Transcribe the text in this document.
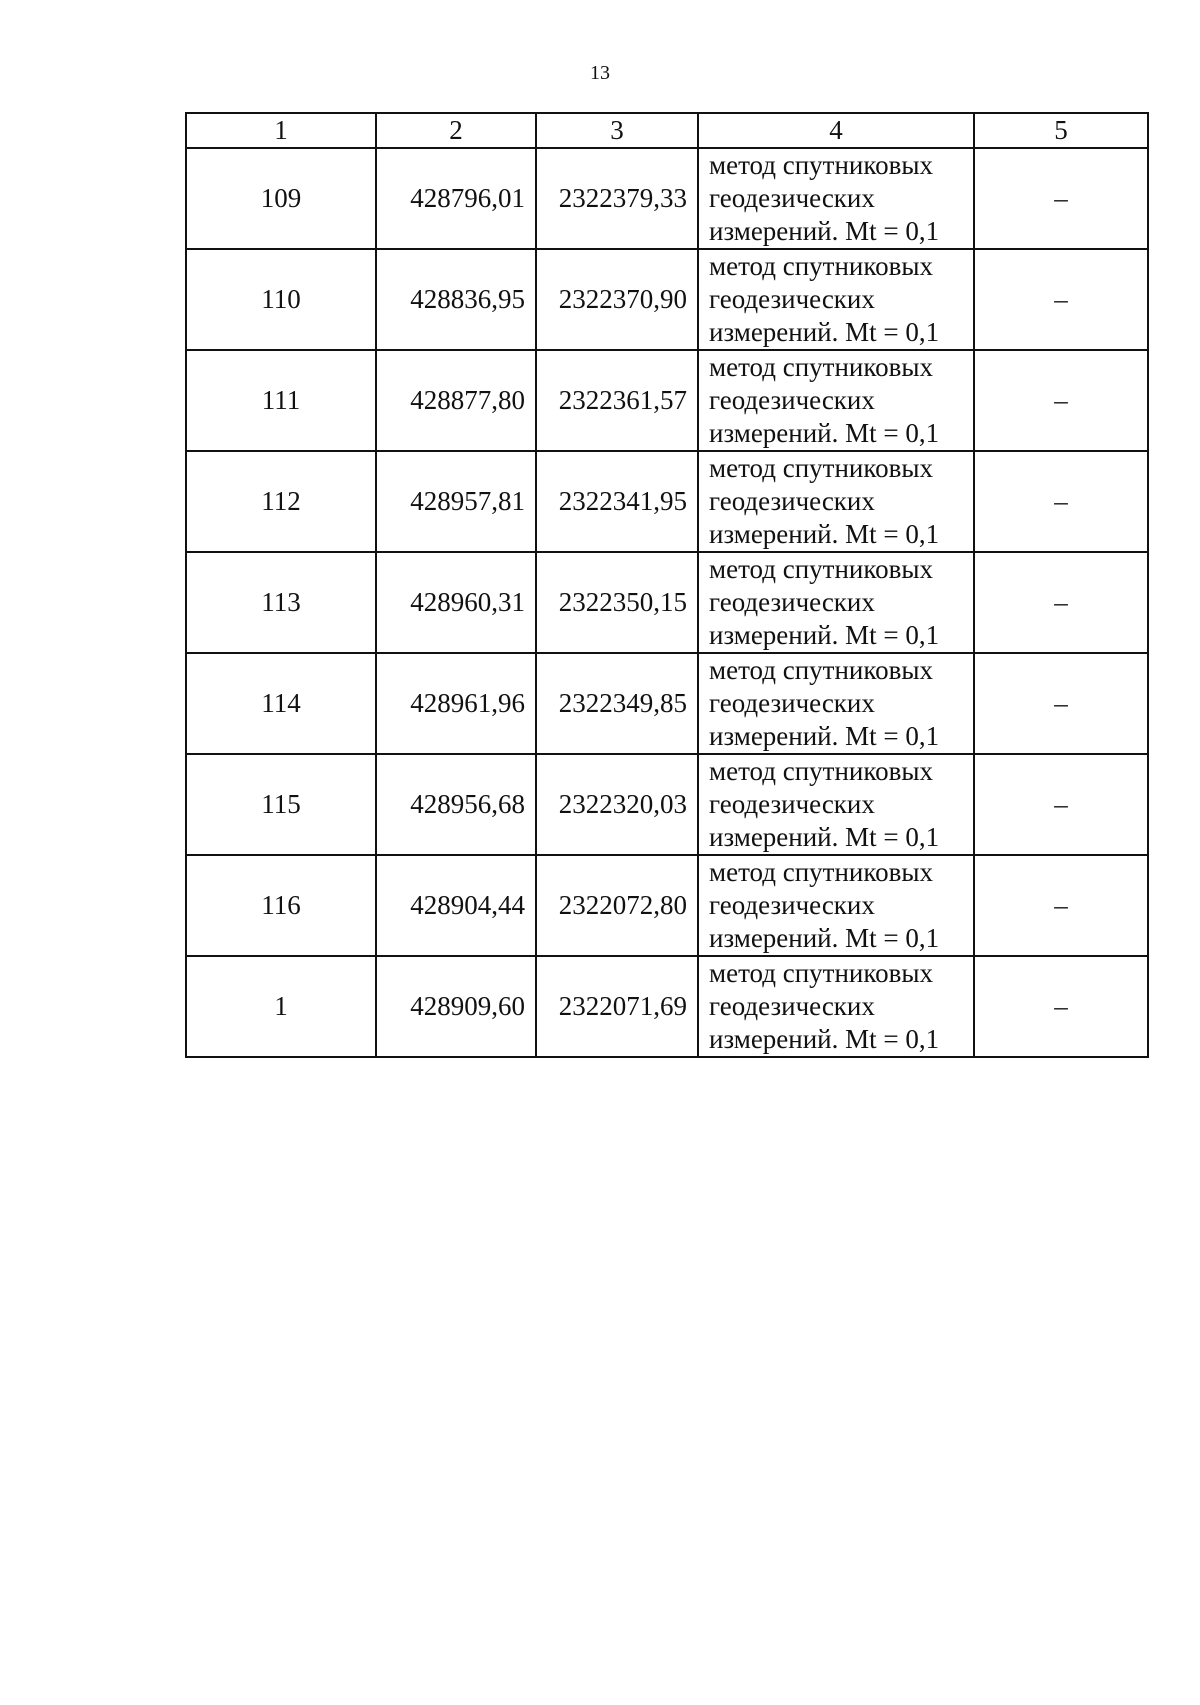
13
1	2	3	4	5
109	428796,01	2322379,33	метод спутниковых
геодезических
измерений. Mt = 0,1	–
110	428836,95	2322370,90	метод спутниковых
геодезических
измерений. Mt = 0,1	–
111	428877,80	2322361,57	метод спутниковых
геодезических
измерений. Mt = 0,1	–
112	428957,81	2322341,95	метод спутниковых
геодезических
измерений. Mt = 0,1	–
113	428960,31	2322350,15	метод спутниковых
геодезических
измерений. Mt = 0,1	–
114	428961,96	2322349,85	метод спутниковых
геодезических
измерений. Mt = 0,1	–
115	428956,68	2322320,03	метод спутниковых
геодезических
измерений. Mt = 0,1	–
116	428904,44	2322072,80	метод спутниковых
геодезических
измерений. Mt = 0,1	–
1	428909,60	2322071,69	метод спутниковых
геодезических
измерений. Mt = 0,1	–
